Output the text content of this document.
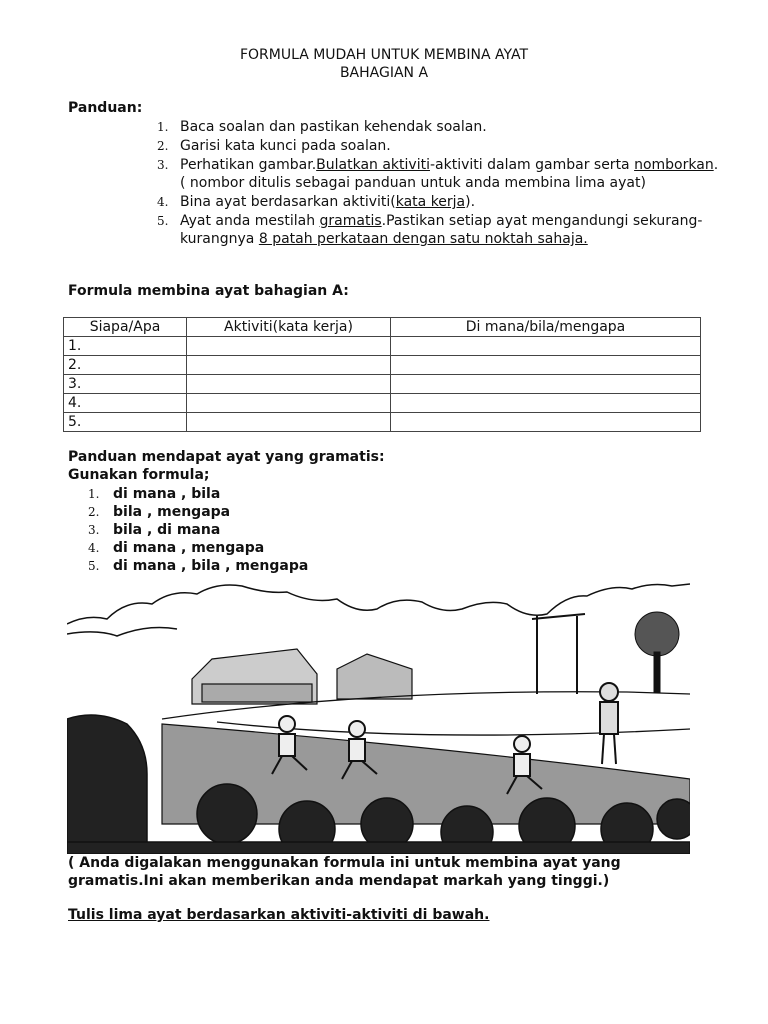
FORMULA MUDAH UNTUK MEMBINA AYAT
BAHAGIAN A
Panduan:
1. Baca soalan dan pastikan kehendak soalan.
2. Garisi kata kunci pada soalan.
3. Perhatikan gambar.Bulatkan aktiviti-aktiviti dalam gambar serta nomborkan.( nombor ditulis sebagai panduan untuk anda membina lima ayat)
4. Bina ayat berdasarkan aktiviti(kata kerja).
5. Ayat anda mestilah gramatis.Pastikan setiap ayat mengandungi sekurang-kurangnya 8 patah perkataan dengan satu noktah sahaja.
Formula membina ayat bahagian A:
Siapa/Apa	Aktiviti(kata kerja)	Di mana/bila/mengapa
1.		
2.		
3.		
4.		
5.		
Panduan mendapat ayat yang gramatis:
Gunakan formula;
1. di mana , bila
2. bila , mengapa
3. bila , di mana
4. di mana , mengapa
5. di mana , bila , mengapa
( Anda digalakan menggunakan formula ini untuk membina ayat yang gramatis.Ini akan memberikan anda mendapat markah yang tinggi.)
Tulis lima ayat berdasarkan aktiviti-aktiviti di bawah.
